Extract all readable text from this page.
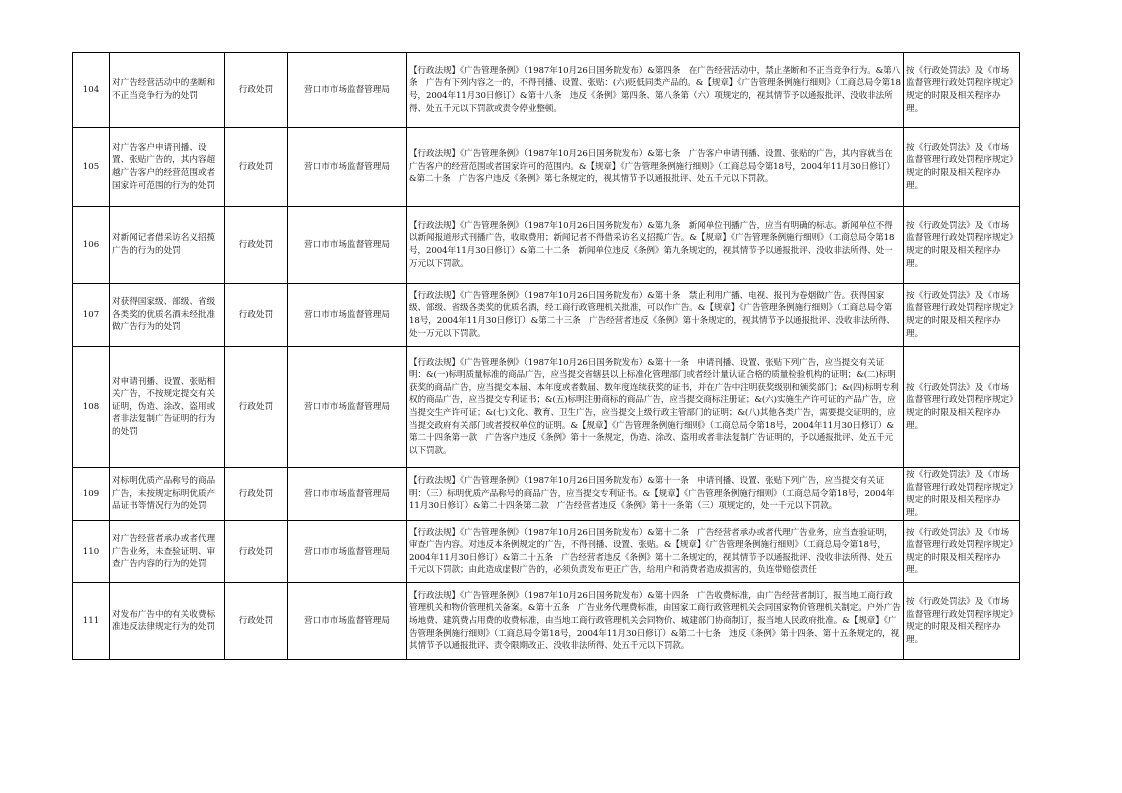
104	对广告经营活动中的垄断和不正当竞争行为的处罚	行政处罚	营口市市场监督管理局	【行政法规】《广告管理条例》（1987年10月26日国务院发布）&第四条　在广告经营活动中，禁止垄断和不正当竞争行为。&第八条　广告有下列内容之一的，不得刊播、设置、张贴：(六)贬低同类产品的。&【规章】《广告管理条例施行细则》（工商总局令第18号，2004年11月30日修订）&第十八条　违反《条例》第四条、第八条第（六）项规定的，视其情节予以通报批评、没收非法所得、处五千元以下罚款或责令停业整顿。	按《行政处罚法》及《市场监督管理行政处罚程序规定》规定的时限及相关程序办理。
105	对广告客户申请刊播、设置、张贴广告的，其内容超越广告客户的经营范围或者国家许可范围的行为的处罚	行政处罚	营口市市场监督管理局	【行政法规】《广告管理条例》（1987年10月26日国务院发布）&第七条　广告客户申请刊播、设置、张贴的广告，其内容就当在广告客户的经营范围或者国家许可的范围内。&【规章】《广告管理条例施行细则》（工商总局令第18号，2004年11月30日修订）&第二十条　广告客户违反《条例》第七条规定的，视其情节予以通报批评、处五千元以下罚款。	按《行政处罚法》及《市场监督管理行政处罚程序规定》规定的时限及相关程序办理。
106	对新闻记者借采访名义招揽广告的行为的处罚	行政处罚	营口市市场监督管理局	【行政法规】《广告管理条例》（1987年10月26日国务院发布）&第九条　新闻单位刊播广告，应当有明确的标志。新闻单位不得以新闻报道形式刊播广告，收取费用；新闻记者不得借采访名义招揽广告。&【规章】《广告管理条例施行细则》（工商总局令第18号，2004年11月30日修订）&第二十二条　新闻单位违反《条例》第九条规定的，视其情节予以通报批评、没收非法所得、处一万元以下罚款。	按《行政处罚法》及《市场监督管理行政处罚程序规定》规定的时限及相关程序办理。
107	对获得国家级、部级、省级各类奖的优质名酒未经批准做广告行为的处罚	行政处罚	营口市市场监督管理局	【行政法规】《广告管理条例》（1987年10月26日国务院发布）&第十条　禁止利用广播、电视、报刊为卷烟做广告。获得国家级、部级、省级各类奖的优质名酒，经工商行政管理机关批准，可以作广告。&【规章】《广告管理条例施行细则》（工商总局令第18号，2004年11月30日修订）&第二十三条　广告经营者违反《条例》第十条规定的，视其情节予以通报批评、没收非法所得、处一万元以下罚款。	按《行政处罚法》及《市场监督管理行政处罚程序规定》规定的时限及相关程序办理。
108	对申请刊播、设置、张贴相关广告，不按规定提交有关证明，伪造、涂改、盗用或者非法复制广告证明的行为的处罚	行政处罚	营口市市场监督管理局	【行政法规】《广告管理条例》（1987年10月26日国务院发布）&第十一条　申请刊播、设置、张贴下列广告，应当提交有关证明：&(一)标明质量标准的商品广告，应当提交省辖县以上标准化管理部门或者经计量认证合格的质量检验机构的证明；&(二)标明获奖的商品广告，应当提交本届、本年度或者数届、数年度连续获奖的证书，并在广告中注明获奖级别和颁奖部门；&(四)标明专利权的商品广告，应当提交专利证书；&(五)标明注册商标的商品广告，应当提交商标注册证；&(六)实施生产许可证的产品广告，应当提交生产许可证；&(七)文化、教育、卫生广告，应当提交上级行政主管部门的证明；&(八)其他各类广告，需要提交证明的，应当提交政府有关部门或者授权单位的证明。&【规章】《广告管理条例施行细则》（工商总局令第18号，2004年11月30日修订）&第二十四条第一款　广告客户违反《条例》第十一条规定，伪造、涂改、盗用或者非法复制广告证明的，予以通报批评、处五千元以下罚款。	按《行政处罚法》及《市场监督管理行政处罚程序规定》规定的时限及相关程序办理。
109	对标明优质产品称号的商品广告，未按规定标明优质产品证书等情况行为的处罚	行政处罚	营口市市场监督管理局	【行政法规】《广告管理条例》（1987年10月26日国务院发布）&第十一条　申请刊播、设置、张贴下列广告，应当提交有关证明：（三）标明优质产品称号的商品广告，应当提交专利证书。&【规章】《广告管理条例施行细则》（工商总局令第18号，2004年11月30日修订）&第二十四条第二款　广告经营者违反《条例》第十一条第（三）项规定的，处一千元以下罚款。	按《行政处罚法》及《市场监督管理行政处罚程序规定》规定的时限及相关程序办理。
110	对广告经营者承办或者代理广告业务，未查验证明、审查广告内容的行为的处罚	行政处罚	营口市市场监督管理局	【行政法规】《广告管理条例》（1987年10月26日国务院发布）&第十二条　广告经营者承办或者代理广告业务，应当查验证明，审查广告内容。对违反本条例规定的广告，不得刊播、设置、张贴。&【规章】《广告管理条例施行细则》（工商总局令第18号，2004年11月30日修订）&第二十五条　广告经营者违反《条例》第十二条规定的，视其情节予以通报批评、没收非法所得、处五千元以下罚款；由此造成虚假广告的，必须负责发布更正广告，给用户和消费者造成损害的，负连带赔偿责任	按《行政处罚法》及《市场监督管理行政处罚程序规定》规定的时限及相关程序办理。
111	对发布广告中的有关收费标准违反法律规定行为的处罚	行政处罚	营口市市场监督管理局	【行政法规】《广告管理条例》（1987年10月26日国务院发布）&第十四条　广告收费标准，由广告经营者制订，报当地工商行政管理机关和物价管理机关备案。&第十五条　广告业务代理费标准，由国家工商行政管理机关会同国家物价管理机关制定。户外广告场地费、建筑费占用费的收费标准，由当地工商行政管理机关会同物价、城建部门协商制订，报当地人民政府批准。&【规章】《广告管理条例施行细则》（工商总局令第18号，2004年11月30日修订）&第二十七条　违反《条例》第十四条、第十五条规定的，视其情节予以通报批评、责令限期改正、没收非法所得、处五千元以下罚款。	按《行政处罚法》及《市场监督管理行政处罚程序规定》规定的时限及相关程序办理。
